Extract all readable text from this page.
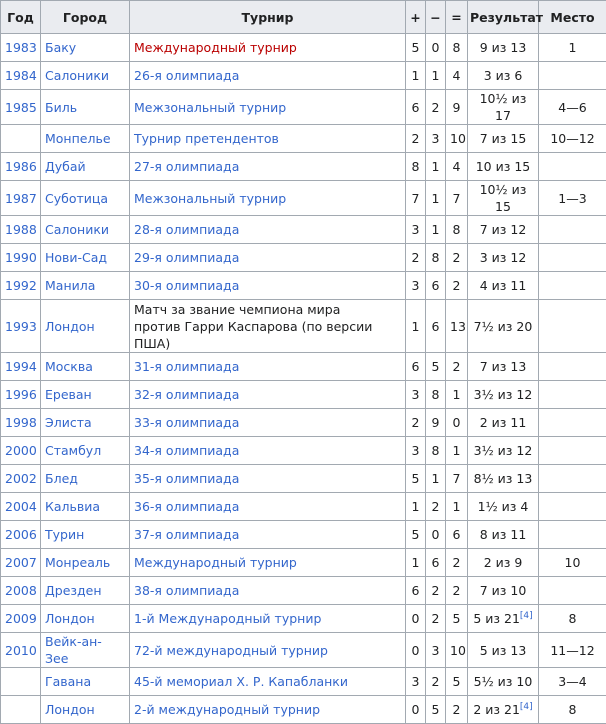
Год	Город	Турнир	+	−	=	Результат	Место
1983	Баку	Международный турнир	5	0	8	9 из 13	1
1984	Салоники	26-я олимпиада	1	1	4	3 из 6	
1985	Биль	Межзональный турнир	6	2	9	10½ из 17	4—6
	Монпелье	Турнир претендентов	2	3	10	7 из 15	10—12
1986	Дубай	27-я олимпиада	8	1	4	10 из 15	
1987	Суботица	Межзональный турнир	7	1	7	10½ из 15	1—3
1988	Салоники	28-я олимпиада	3	1	8	7 из 12	
1990	Нови-Сад	29-я олимпиада	2	8	2	3 из 12	
1992	Манила	30-я олимпиада	3	6	2	4 из 11	
1993	Лондон	Матч за звание чемпиона мира
против Гарри Каспарова (по версии ПША)	1	6	13	7½ из 20	
1994	Москва	31-я олимпиада	6	5	2	7 из 13	
1996	Ереван	32-я олимпиада	3	8	1	3½ из 12	
1998	Элиста	33-я олимпиада	2	9	0	2 из 11	
2000	Стамбул	34-я олимпиада	3	8	1	3½ из 12	
2002	Блед	35-я олимпиада	5	1	7	8½ из 13	
2004	Кальвиа	36-я олимпиада	1	2	1	1½ из 4	
2006	Турин	37-я олимпиада	5	0	6	8 из 11	
2007	Монреаль	Международный турнир	1	6	2	2 из 9	10
2008	Дрезден	38-я олимпиада	6	2	2	7 из 10	
2009	Лондон	1-й Международный турнир	0	2	5	5 из 21[4]	8
2010	Вейк-ан-Зее	72-й международный турнир	0	3	10	5 из 13	11—12
	Гавана	45-й мемориал Х. Р. Капабланки	3	2	5	5½ из 10	3—4
	Лондон	2-й международный турнир	0	5	2	2 из 21[4]	8
